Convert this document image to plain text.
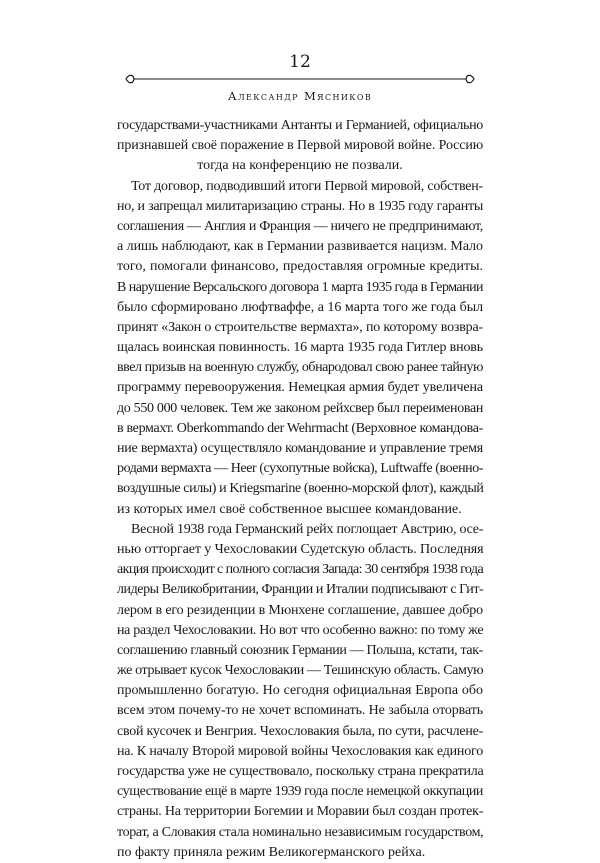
12
Александр Мясников
государствами-участниками Антанты и Германией, официально
признавшей своё поражение в Первой мировой войне. Россию
тогда на конференцию не позвали.
Тот договор, подводивший итоги Первой мировой, собствен-
но, и запрещал милитаризацию страны. Но в 1935 году гаранты
соглашения — Англия и Франция — ничего не предпринимают,
а лишь наблюдают, как в Германии развивается нацизм. Мало
того, помогали финансово, предоставляя огромные кредиты.
В нарушение Версальского договора 1 марта 1935 года в Германии
было сформировано люфтваффе, а 16 марта того же года был
принят «Закон о строительстве вермахта», по которому возвра-
щалась воинская повинность. 16 марта 1935 года Гитлер вновь
ввел призыв на военную службу, обнародовал свою ранее тайную
программу перевооружения. Немецкая армия будет увеличена
до 550 000 человек. Тем же законом рейхсвер был переименован
в вермахт. Oberkommando der Wehrmacht (Верховное командова-
ние вермахта) осуществляло командование и управление тремя
родами вермахта — Heer (сухопутные войска), Luftwaffe (военно-
воздушные силы) и Kriegsmarine (военно-морской флот), каждый
из которых имел своё собственное высшее командование.
Весной 1938 года Германский рейх поглощает Австрию, осе-
нью отторгает у Чехословакии Судетскую область. Последняя
акция происходит с полного согласия Запада: 30 сентября 1938 года
лидеры Великобритании, Франции и Италии подписывают с Гит-
лером в его резиденции в Мюнхене соглашение, давшее добро
на раздел Чехословакии. Но вот что особенно важно: по тому же
соглашению главный союзник Германии — Польша, кстати, так-
же отрывает кусок Чехословакии — Тешинскую область. Самую
промышленно богатую. Но сегодня официальная Европа обо
всем этом почему-то не хочет вспоминать. Не забыла оторвать
свой кусочек и Венгрия. Чехословакия была, по сути, расчлене-
на. К началу Второй мировой войны Чехословакия как единого
государства уже не существовало, поскольку страна прекратила
существование ещё в марте 1939 года после немецкой оккупации
страны. На территории Богемии и Моравии был создан протек-
торат, а Словакия стала номинально независимым государством,
по факту приняла режим Великогерманского рейха.
